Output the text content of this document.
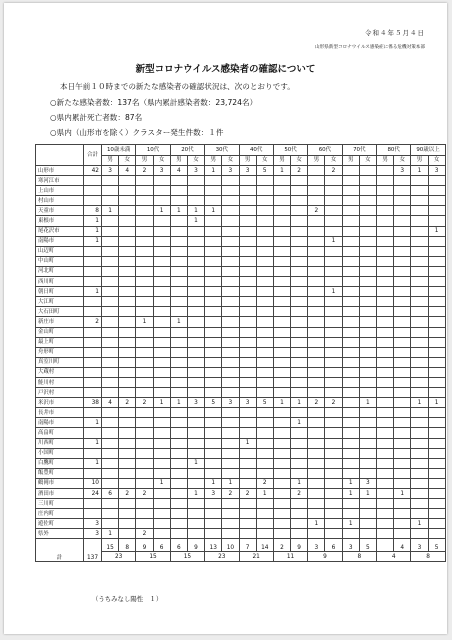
令和４年５月４日
山形県新型コロナウイルス感染症に係る危機対策本部
新型コロナウイルス感染者の確認について
本日午前１０時までの新たな感染者の確認状況は、次のとおりです。
○新たな感染者数：137名（県内累計感染者数：23,724名）
○県内累計死亡者数：87名
○県内（山形市を除く）クラスター発生件数：１件
	合計	10歳未満		10代		20代		30代		40代		50代		60代		70代		80代		90歳以上	
		男	女	男	女	男	女	男	女	男	女	男	女	男	女	男	女	男	女	男	女
山形市	42	3	4	2	3	4	3	1	3	3	5	1	2		2				3	1	3
寒河江市																					
上山市																					
村山市																					
天童市	8	1			1	1	1	1						2							
東根市	1						1														
尾花沢市	1																				1
南陽市	1														1						
山辺町																					
中山町																					
河北町																					
西川町																					
朝日町	1														1						
大江町																					
大石田町																					
新庄市	2			1		1															
金山町																					
最上町																					
舟形町																					
真室川町																					
大蔵村																					
鮭川村																					
戸沢村																					
米沢市	38	4	2	2	1	1	3	5	3	3	5	1	1	2	2		1			1	1
長井市																					
南陽市	1												1								
高畠町																					
川西町	1									1											
小国町																					
白鷹町	1						1														
飯豊町																					
鶴岡市	10				1			1	1		2		1			1	3				
酒田市	24	6	2	2			1	3	2	2	1		2			1	1		1		
三川町																					
庄内町																					
遊佐町	3													1		1				1	
県外	3	1		2																	
計	137	15	8	9	6	6	9	13	10	7	14	2	9	3	6	3	5		4	3	5
		23		15		15		23		21		11		9		8		4		8	
（うちみなし陽性　１）
